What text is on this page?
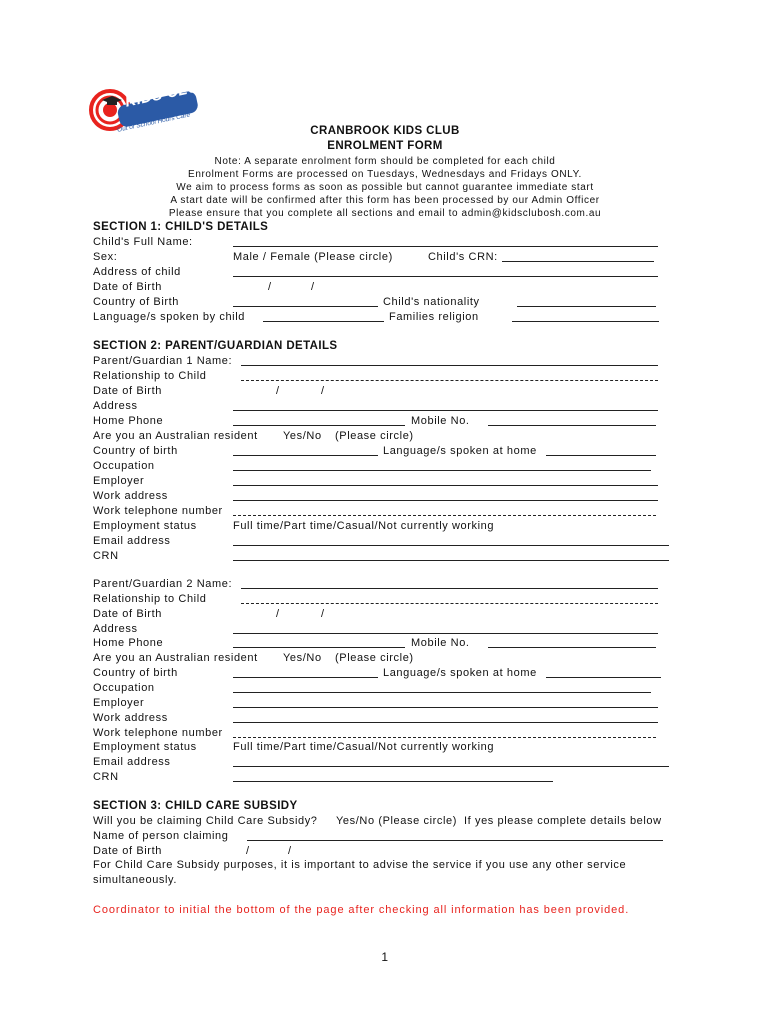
KIDS CLUB
Out of School Hours Care	CRANBROOK KIDS CLUB
ENROLMENT FORM
Note: A separate enrolment form should be completed for each child
Enrolment Forms are processed on Tuesdays, Wednesdays and Fridays ONLY.
We aim to process forms as soon as possible but cannot guarantee immediate start
A start date will be confirmed after this form has been processed by our Admin Officer
Please ensure that you complete all sections and email to admin@kidsclubosh.com.au
SECTION 1: CHILD'S DETAILS
Child's Full Name:
Sex:	Male / Female (Please circle)	Child's CRN:
Address of child
Date of Birth	/	/
Country of Birth	Child's nationality
Language/s spoken by child	Families religion
SECTION 2: PARENT/GUARDIAN DETAILS
Parent/Guardian 1 Name:
Relationship to Child
Date of Birth	/	/
Address
Home Phone	Mobile No.
Are you an Australian resident Yes/No (Please circle)
Country of birth	Language/s spoken at home
Occupation
Employer
Work address
Work telephone number
Employment status	Full time/Part time/Casual/Not currently working
Email address
CRN
Parent/Guardian 2 Name:
Relationship to Child
Date of Birth	/	/
Address
Home Phone	Mobile No.
Are you an Australian resident Yes/No (Please circle)
Country of birth	Language/s spoken at home
Occupation
Employer
Work address
Work telephone number
Employment status	Full time/Part time/Casual/Not currently working
Email address
CRN
SECTION 3: CHILD CARE SUBSIDY
Will you be claiming Child Care Subsidy? Yes/No (Please circle) If yes please complete details below
Name of person claiming
Date of Birth	/	/
For Child Care Subsidy purposes, it is important to advise the service if you use any other service
simultaneously.
Coordinator to initial the bottom of the page after checking all information has been provided.
1
